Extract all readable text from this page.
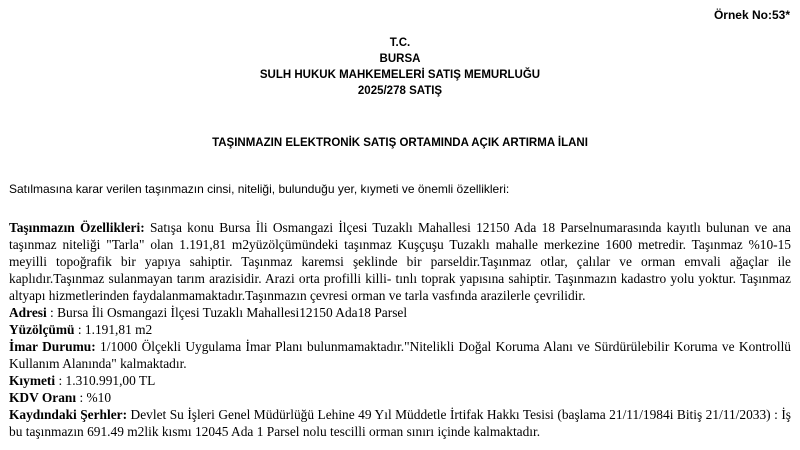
Örnek No:53*
T.C.
BURSA
SULH HUKUK MAHKEMELERİ SATIŞ MEMURLUĞU
2025/278 SATIŞ
TAŞINMAZIN ELEKTRONİK SATIŞ ORTAMINDA AÇIK ARTIRMA İLANI
Satılmasına karar verilen taşınmazın cinsi, niteliği, bulunduğu yer, kıymeti ve önemli özellikleri:

Taşınmazın Özellikleri: Satışa konu Bursa İli Osmangazi İlçesi Tuzaklı Mahallesi 12150 Ada 18 Parselnumarasında kayıtlı bulunan ve ana taşınmaz niteliği "Tarla" olan 1.191,81 m2yüzölçümündeki taşınmaz Kuşçuşu Tuzaklı mahalle merkezine 1600 metredir. Taşınmaz %10-15 meyilli topoğrafik bir yapıya sahiptir. Taşınmaz karemsi şeklinde bir parseldir.Taşınmaz otlar, çalılar ve orman emvali ağaçlar ile kaplıdır.Taşınmaz sulanmayan tarım arazisidir. Arazi orta profilli killi- tınlı toprak yapısına sahiptir. Taşınmazın kadastro yolu yoktur. Taşınmaz altyapı hizmetlerinden faydalanmamaktadır.Taşınmazın çevresi orman ve tarla vasfında arazilerle çevrilidir.

Adresi : Bursa İli Osmangazi İlçesi Tuzaklı Mahallesi12150 Ada18 Parsel

Yüzölçümü : 1.191,81 m2

İmar Durumu: 1/1000 Ölçekli Uygulama İmar Planı bulunmamaktadır."Nitelikli Doğal Koruma Alanı ve Sürdürülebilir Koruma ve Kontrollü Kullanım Alanında" kalmaktadır.

Kıymeti : 1.310.991,00 TL

KDV Oranı : %10

Kaydındaki Şerhler: Devlet Su İşleri Genel Müdürlüğü Lehine 49 Yıl Müddetle İrtifak Hakkı Tesisi (başlama 21/11/1984i Bitiş 21/11/2033) : İş bu taşınmazın 691.49 m2lik kısmı 12045 Ada 1 Parsel nolu tescilli orman sınırı içinde kalmaktadır.
